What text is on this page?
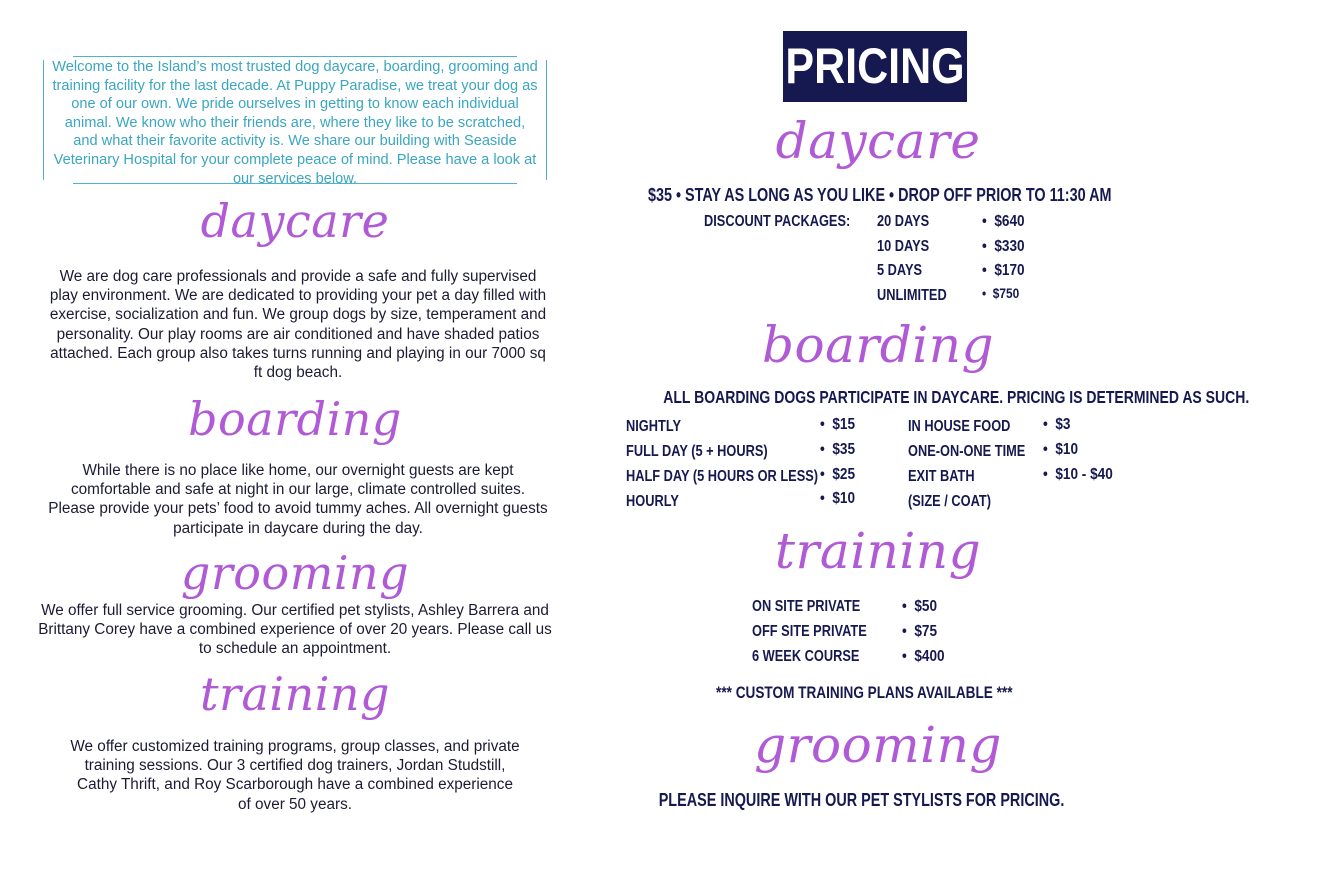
Welcome to the Island’s most trusted dog daycare, boarding, grooming and training facility for the last decade. At Puppy Paradise, we treat your dog as one of our own. We pride ourselves in getting to know each individual animal. We know who their friends are, where they like to be scratched, and what their favorite activity is. We share our building with Seaside Veterinary Hospital for your complete peace of mind. Please have a look at our services below.

daycare

We are dog care professionals and provide a safe and fully supervised play environment. We are dedicated to providing your pet a day filled with exercise, socialization and fun. We group dogs by size, temperament and personality. Our play rooms are air conditioned and have shaded patios attached. Each group also takes turns running and playing in our 7000 sq ft dog beach.

boarding

While there is no place like home, our overnight guests are kept comfortable and safe at night in our large, climate controlled suites. Please provide your pets’ food to avoid tummy aches. All overnight guests participate in daycare during the day.

grooming

We offer full service grooming. Our certified pet stylists, Ashley Barrera and Brittany Corey have a combined experience of over 20 years. Please call us to schedule an appointment.

training

We offer customized training programs, group classes, and private training sessions. Our 3 certified dog trainers, Jordan Studstill, Cathy Thrift, and Roy Scarborough have a combined experience of over 50 years.

PRICING
daycare
$35 • STAY AS LONG AS YOU LIKE • DROP OFF PRIOR TO 11:30 AM
DISCOUNT PACKAGES: 20 DAYS	• $640
10 DAYS	• $330
5 DAYS	• $170
UNLIMITED	• $750
boarding
ALL BOARDING DOGS PARTICIPATE IN DAYCARE. PRICING IS DETERMINED AS SUCH.
NIGHTLY	• $15
FULL DAY (5 + HOURS)	• $35
HALF DAY (5 HOURS OR LESS) • $25
HOURLY	• $10
IN HOUSE FOOD • $3
ONE-ON-ONE TIME • $10
EXIT BATH	• $10 - $40
(SIZE / COAT)
training
ON SITE PRIVATE	• $50
OFF SITE PRIVATE • $75
6 WEEK COURSE	• $400
*** CUSTOM TRAINING PLANS AVAILABLE ***
grooming
PLEASE INQUIRE WITH OUR PET STYLISTS FOR PRICING.
